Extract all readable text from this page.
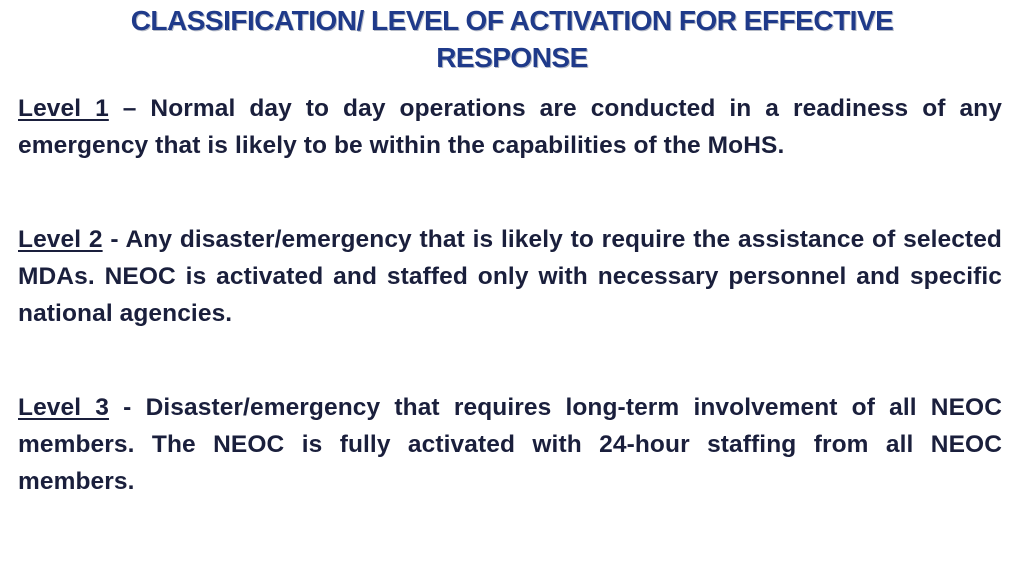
CLASSIFICATION/ LEVEL OF ACTIVATION FOR EFFECTIVE
RESPONSE

Level 1 – Normal day to day operations are conducted in a readiness of any emergency that is likely to be within the capabilities of the MoHS.

Level 2 - Any disaster/emergency that is likely to require the assistance of selected MDAs. NEOC is activated and staffed only with necessary personnel and specific national agencies.

Level 3 - Disaster/emergency that requires long-term involvement of all NEOC members. The NEOC is fully activated with 24-hour staffing from all NEOC members.
